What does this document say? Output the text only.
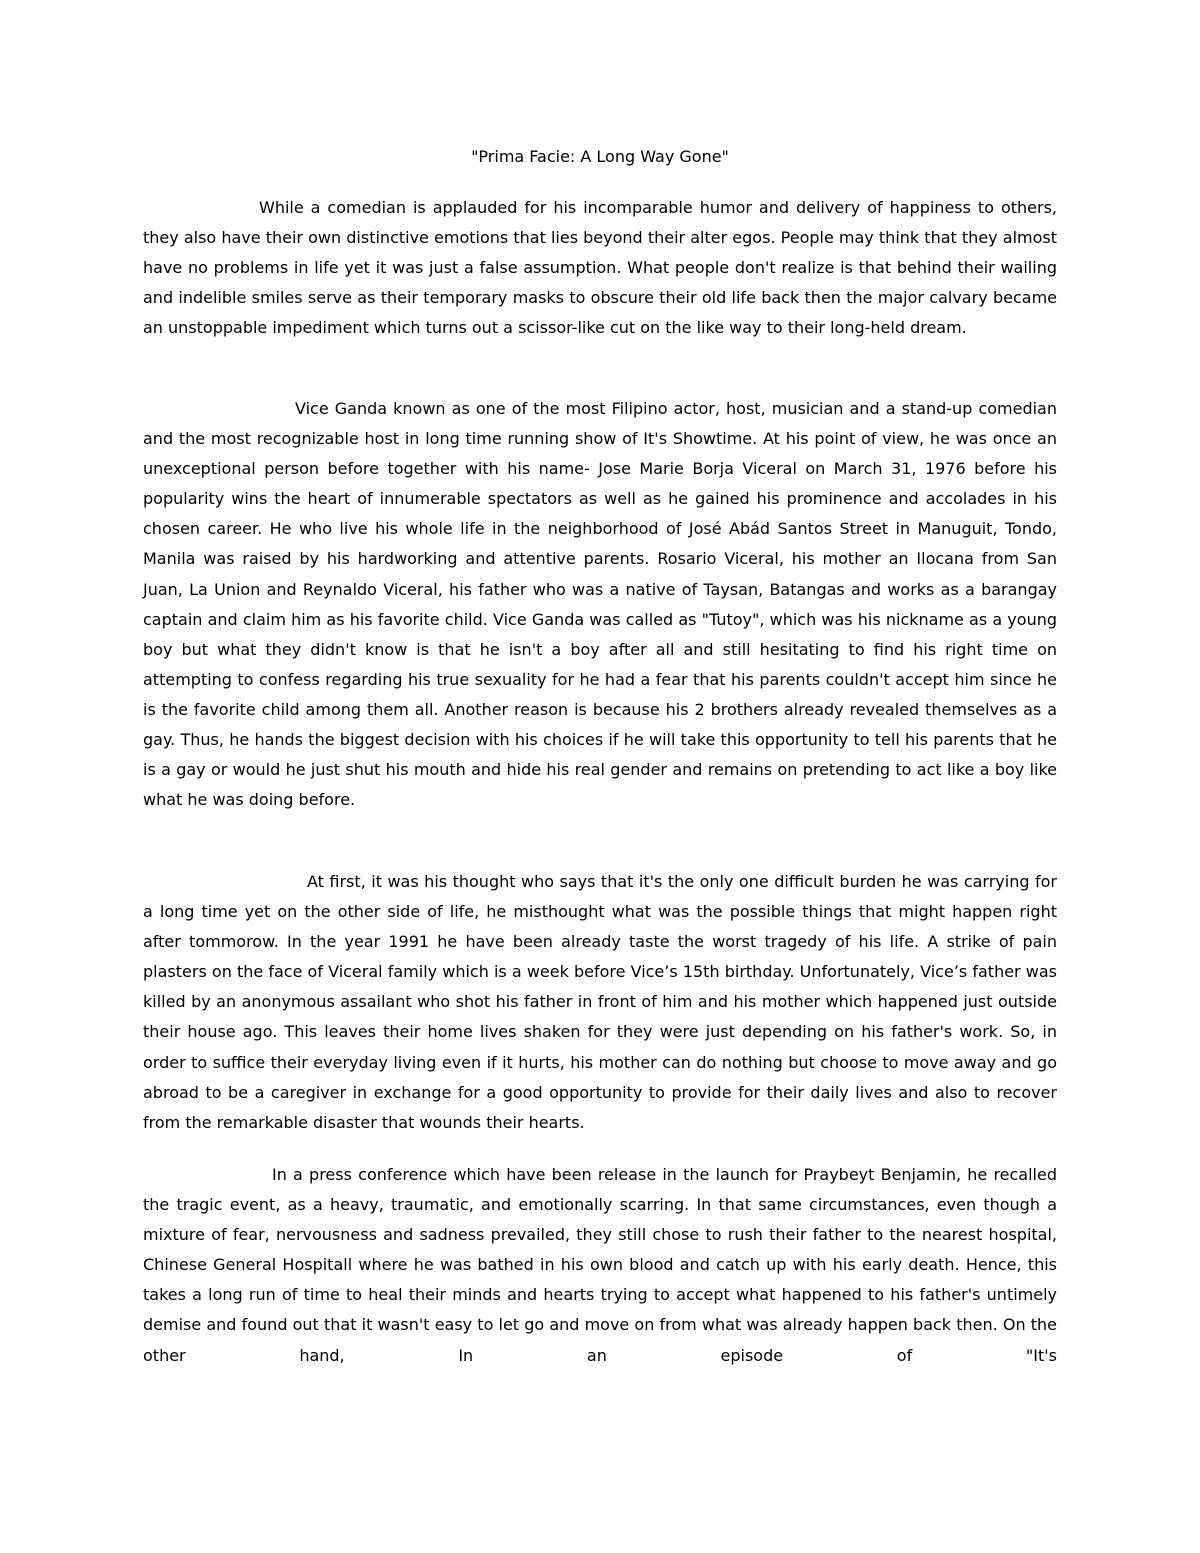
"Prima Facie: A Long Way Gone"

While a comedian is applauded for his incomparable humor and delivery of happiness to others, they also have their own distinctive emotions that lies beyond their alter egos. People may think that they almost have no problems in life yet it was just a false assumption. What people don't realize is that behind their wailing and indelible smiles serve as their temporary masks to obscure their old life back then the major calvary became an unstoppable impediment which turns out a scissor-like cut on the like way to their long-held dream.

Vice Ganda known as one of the most Filipino actor, host, musician and a stand-up comedian and the most recognizable host in long time running show of It's Showtime. At his point of view, he was once an unexceptional person before together with his name- Jose Marie Borja Viceral on March 31, 1976 before his popularity wins the heart of innumerable spectators as well as he gained his prominence and accolades in his chosen career. He who live his whole life in the neighborhood of José Abád Santos Street in Manuguit, Tondo, Manila was raised by his hardworking and attentive parents. Rosario Viceral, his mother an Ilocana from San Juan, La Union and Reynaldo Viceral, his father who was a native of Taysan, Batangas and works as a barangay captain and claim him as his favorite child. Vice Ganda was called as "Tutoy", which was his nickname as a young boy but what they didn't know is that he isn't a boy after all and still hesitating to find his right time on attempting to confess regarding his true sexuality for he had a fear that his parents couldn't accept him since he is the favorite child among them all. Another reason is because his 2 brothers already revealed themselves as a gay. Thus, he hands the biggest decision with his choices if he will take this opportunity to tell his parents that he is a gay or would he just shut his mouth and hide his real gender and remains on pretending to act like a boy like what he was doing before.

At first, it was his thought who says that it's the only one difficult burden he was carrying for a long time yet on the other side of life, he misthought what was the possible things that might happen right after tommorow. In the year 1991 he have been already taste the worst tragedy of his life. A strike of pain plasters on the face of Viceral family which is a week before Vice’s 15th birthday. Unfortunately, Vice’s father was killed by an anonymous assailant who shot his father in front of him and his mother which happened just outside their house ago. This leaves their home lives shaken for they were just depending on his father's work. So, in order to suffice their everyday living even if it hurts, his mother can do nothing but choose to move away and go abroad to be a caregiver in exchange for a good opportunity to provide for their daily lives and also to recover from the remarkable disaster that wounds their hearts.

In a press conference which have been release in the launch for Praybeyt Benjamin, he recalled the tragic event, as a heavy, traumatic, and emotionally scarring. In that same circumstances, even though a mixture of fear, nervousness and sadness prevailed, they still chose to rush their father to the nearest hospital, Chinese General Hospitall where he was bathed in his own blood and catch up with his early death. Hence, this takes a long run of time to heal their minds and hearts trying to accept what happened to his father's untimely demise and found out that it wasn't easy to let go and move on from what was already happen back then. On the other hand, In an episode of "It's
